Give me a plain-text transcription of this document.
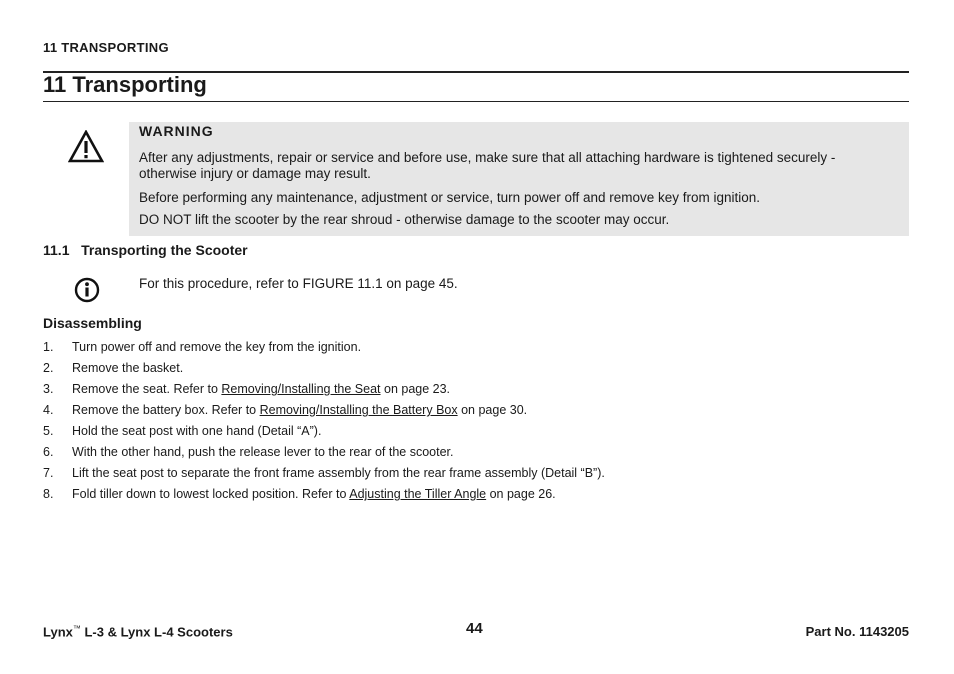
11 TRANSPORTING
11 Transporting
WARNING
After any adjustments, repair or service and before use, make sure that all attaching hardware is tightened securely - otherwise injury or damage may result.
Before performing any maintenance, adjustment or service, turn power off and remove key from ignition.
DO NOT lift the scooter by the rear shroud - otherwise damage to the scooter may occur.
11.1   Transporting the Scooter
For this procedure, refer to FIGURE 11.1 on page 45.
Disassembling
1. Turn power off and remove the key from the ignition.
2. Remove the basket.
3. Remove the seat. Refer to Removing/Installing the Seat on page 23.
4. Remove the battery box. Refer to Removing/Installing the Battery Box on page 30.
5. Hold the seat post with one hand (Detail “A”).
6. With the other hand, push the release lever to the rear of the scooter.
7. Lift the seat post to separate the front frame assembly from the rear frame assembly (Detail “B”).
8. Fold tiller down to lowest locked position. Refer to Adjusting the Tiller Angle on page 26.
Lynx™ L-3 & Lynx L-4 Scooters	44	Part No. 1143205
